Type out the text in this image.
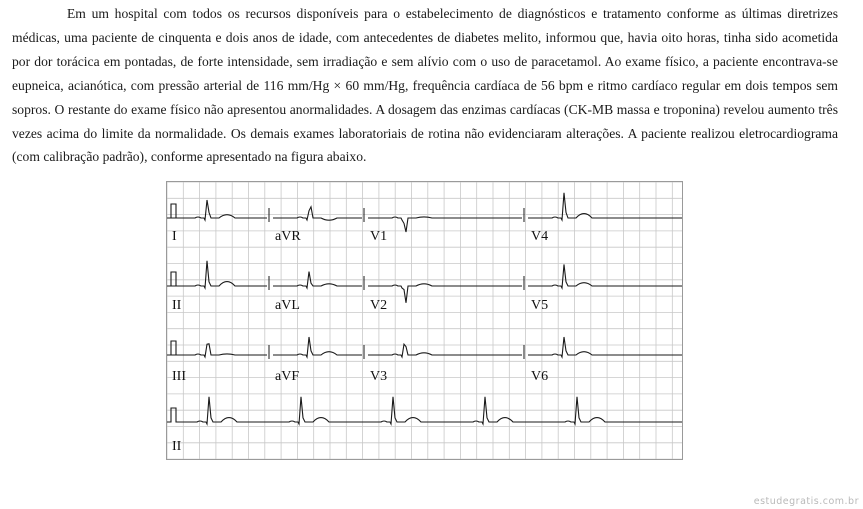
Em um hospital com todos os recursos disponíveis para o estabelecimento de diagnósticos e tratamento conforme as últimas diretrizes médicas, uma paciente de cinquenta e dois anos de idade, com antecedentes de diabetes melito, informou que, havia oito horas, tinha sido acometida por dor torácica em pontadas, de forte intensidade, sem irradiação e sem alívio com o uso de paracetamol. Ao exame físico, a paciente encontrava-se eupneica, acianótica, com pressão arterial de 116 mm/Hg × 60 mm/Hg, frequência cardíaca de 56 bpm e ritmo cardíaco regular em dois tempos sem sopros. O restante do exame físico não apresentou anormalidades. A dosagem das enzimas cardíacas (CK-MB massa e troponina) revelou aumento três vezes acima do limite da normalidade. Os demais exames laboratoriais de rotina não evidenciaram alterações. A paciente realizou eletrocardiograma (com calibração padrão), conforme apresentado na figura abaixo.

I	aVR	V1	V4
II	aVL	V2	V5
III	aVF	V3	V6
II
estudegratis.com.br
